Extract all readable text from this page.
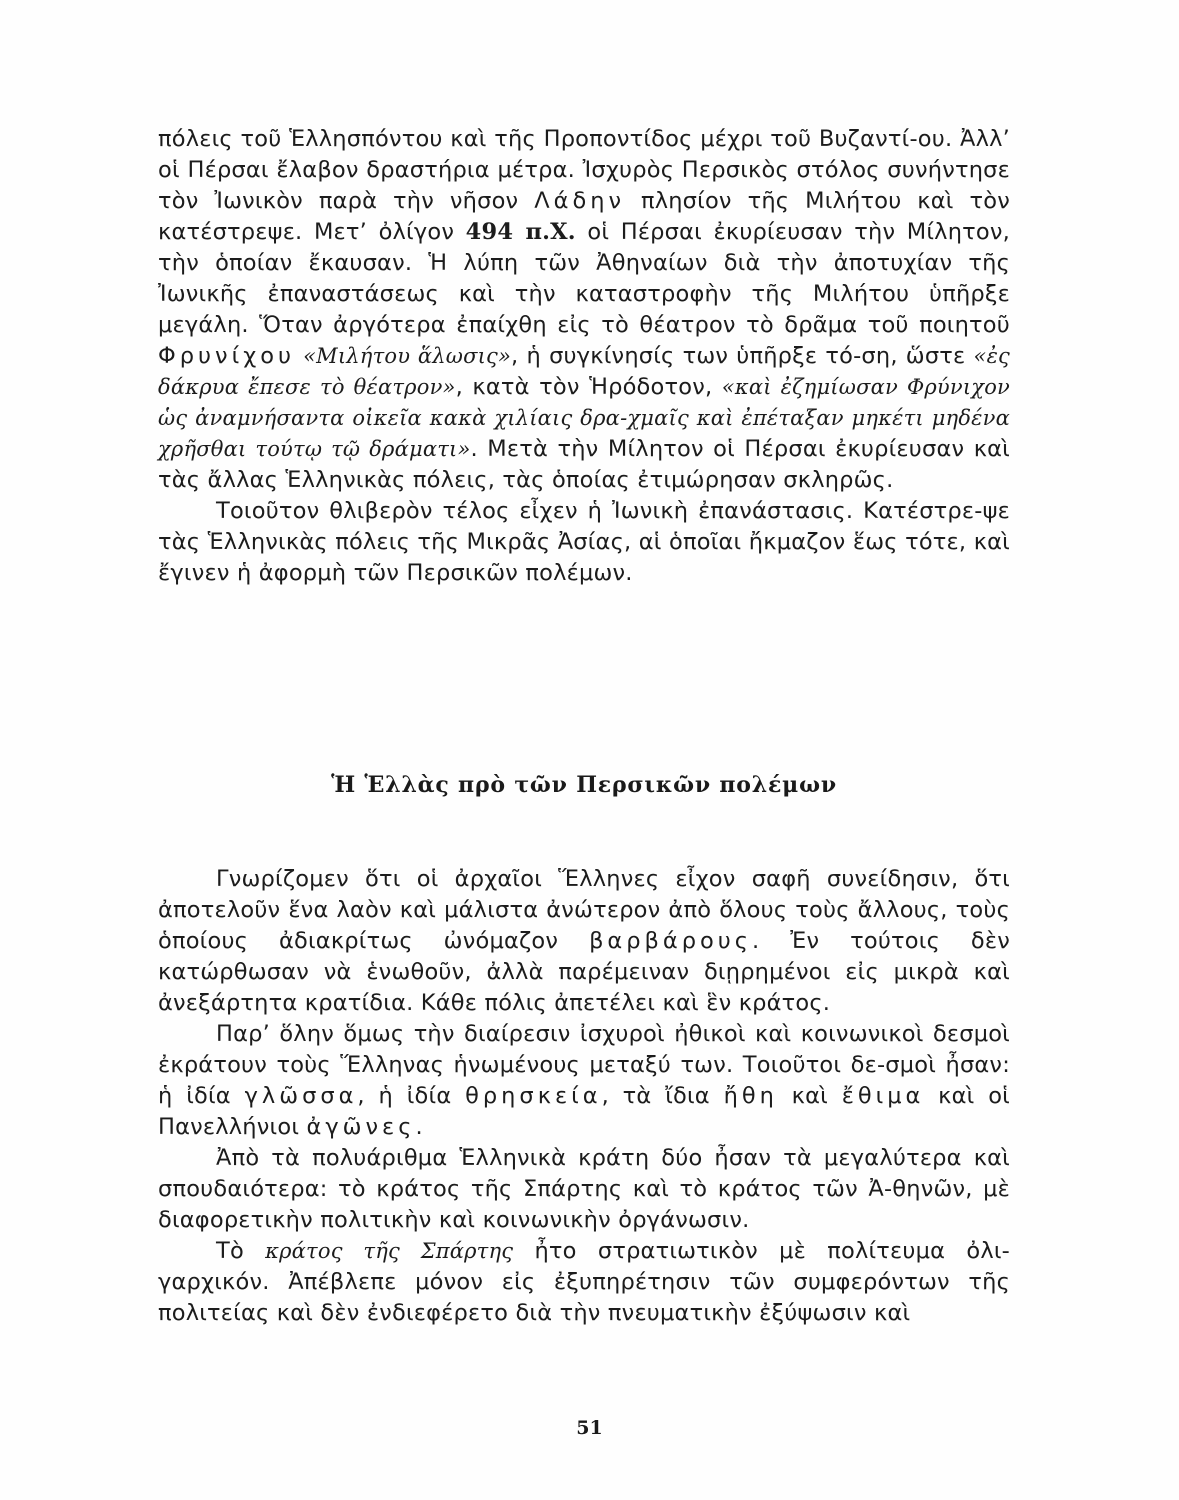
πόλεις τοῦ Ἑλλησπόντου καὶ τῆς Προποντίδος μέχρι τοῦ Βυζαντί-ου. Ἀλλ’ οἱ Πέρσαι ἔλαβον δραστήρια μέτρα. Ἰσχυρὸς Περσικὸς στόλος συνήντησε τὸν Ἰωνικὸν παρὰ τὴν νῆσον Λάδην πλησίον τῆς Μιλήτου καὶ τὸν κατέστρεψε. Μετ’ ὀλίγον 494 π.Χ. οἱ Πέρσαι ἐκυρίευσαν τὴν Μίλητον, τὴν ὁποίαν ἔκαυσαν. Ἡ λύπη τῶν Ἀθηναίων διὰ τὴν ἀποτυχίαν τῆς Ἰωνικῆς ἐπαναστάσεως καὶ τὴν καταστροφὴν τῆς Μιλήτου ὑπῆρξε μεγάλη. Ὅταν ἀργότερα ἐπαίχθη εἰς τὸ θέατρον τὸ δρᾶμα τοῦ ποιητοῦ Φρυνίχου «Μιλήτου ἅλωσις», ἡ συγκίνησίς των ὑπῆρξε τό-ση, ὥστε «ἐς δάκρυα ἔπεσε τὸ θέατρον», κατὰ τὸν Ἡρόδοτον, «καὶ ἐζημίωσαν Φρύνιχον ὡς ἀναμνήσαντα οἰκεῖα κακὰ χιλίαις δρα-χμαῖς καὶ ἐπέταξαν μηκέτι μηδένα χρῆσθαι τούτῳ τῷ δράματι». Μετὰ τὴν Μίλητον οἱ Πέρσαι ἐκυρίευσαν καὶ τὰς ἄλλας Ἑλληνικὰς πόλεις, τὰς ὁποίας ἐτιμώρησαν σκληρῶς.

Τοιοῦτον θλιβερὸν τέλος εἶχεν ἡ Ἰωνικὴ ἐπανάστασις. Κατέστρε-ψε τὰς Ἑλληνικὰς πόλεις τῆς Μικρᾶς Ἀσίας, αἱ ὁποῖαι ἤκμαζον ἕως τότε, καὶ ἔγινεν ἡ ἀφορμὴ τῶν Περσικῶν πολέμων.

Ἡ Ἑλλὰς πρὸ τῶν Περσικῶν πολέμων

Γνωρίζομεν ὅτι οἱ ἀρχαῖοι Ἕλληνες εἶχον σαφῆ συνείδησιν, ὅτι ἀποτελοῦν ἕνα λαὸν καὶ μάλιστα ἀνώτερον ἀπὸ ὅλους τοὺς ἄλλους, τοὺς ὁποίους ἀδιακρίτως ὠνόμαζον βαρβάρους. Ἐν τούτοις δὲν κατώρθωσαν νὰ ἑνωθοῦν, ἀλλὰ παρέμειναν διῃρημένοι εἰς μικρὰ καὶ ἀνεξάρτητα κρατίδια. Κάθε πόλις ἀπετέλει καὶ ἓν κράτος.

Παρ’ ὅλην ὅμως τὴν διαίρεσιν ἰσχυροὶ ἠθικοὶ καὶ κοινωνικοὶ δεσμοὶ ἐκράτουν τοὺς Ἕλληνας ἡνωμένους μεταξύ των. Τοιοῦτοι δε-σμοὶ ἦσαν: ἡ ἰδία γλῶσσα, ἡ ἰδία θρησκεία, τὰ ἴδια ἤθη καὶ ἔθιμα καὶ οἱ Πανελλήνιοι ἀγῶνες.

Ἀπὸ τὰ πολυάριθμα Ἑλληνικὰ κράτη δύο ἦσαν τὰ μεγαλύτερα καὶ σπουδαιότερα: τὸ κράτος τῆς Σπάρτης καὶ τὸ κράτος τῶν Ἀ-θηνῶν, μὲ διαφορετικὴν πολιτικὴν καὶ κοινωνικὴν ὀργάνωσιν.

Τὸ κράτος τῆς Σπάρτης ἦτο στρατιωτικὸν μὲ πολίτευμα ὀλι-γαρχικόν. Ἀπέβλεπε μόνον εἰς ἐξυπηρέτησιν τῶν συμφερόντων τῆς πολιτείας καὶ δὲν ἐνδιεφέρετο διὰ τὴν πνευματικὴν ἐξύψωσιν καὶ

51
